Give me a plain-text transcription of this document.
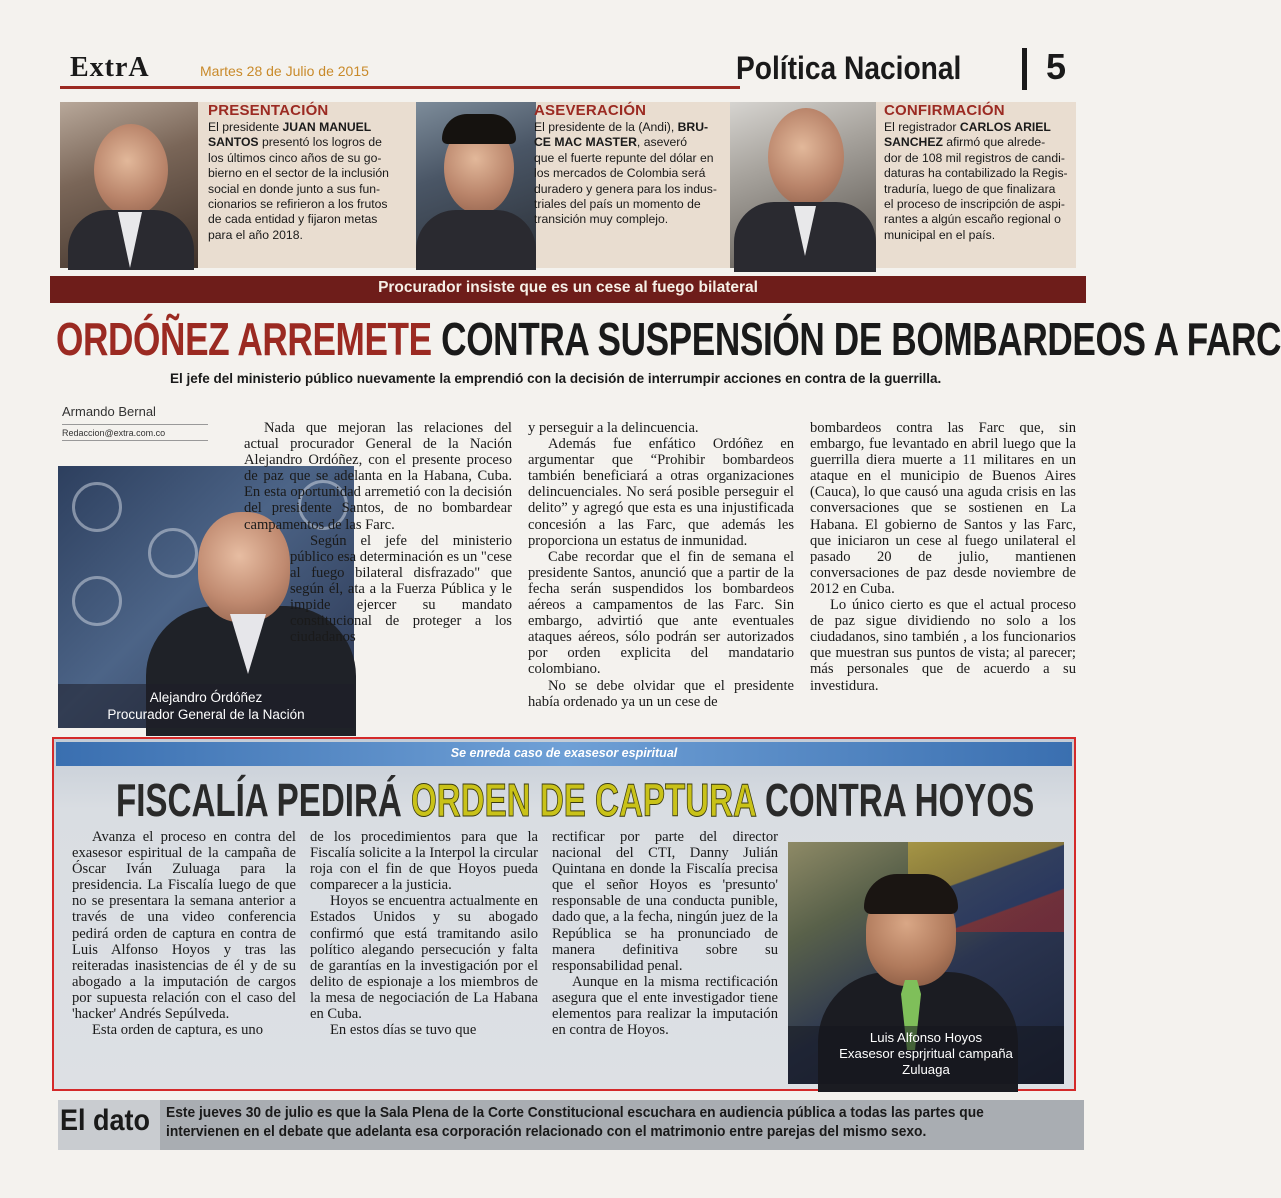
ExtrA	Martes 28 de Julio de 2015	Política Nacional 5
PRESENTACIÓN
El presidente JUAN MANUEL
SANTOS presentó los logros de
los últimos cinco años de su go-
bierno en el sector de la inclusión
social en donde junto a sus fun-
cionarios se refirieron a los frutos
de cada entidad y fijaron metas
para el año 2018.
ASEVERACIÓN
El presidente de la (Andi), BRU-
CE MAC MASTER, aseveró
que el fuerte repunte del dólar en
los mercados de Colombia será
duradero y genera para los indus-
triales del país un momento de
transición muy complejo.
CONFIRMACIÓN
El registrador CARLOS ARIEL
SANCHEZ afirmó que alrede-
dor de 108 mil registros de candi-
daturas ha contabilizado la Regis-
traduría, luego de que finalizara
el proceso de inscripción de aspi-
rantes a algún escaño regional o
municipal en el país.
Procurador insiste que es un cese al fuego bilateral
ORDÓÑEZ ARREMETE CONTRA SUSPENSIÓN DE BOMBARDEOS A FARC
El jefe del ministerio público nuevamente la emprendió con la decisión de interrumpir acciones en contra de la guerrilla.
Armando Bernal
Redaccion@extra.com.co
Alejandro Órdóñez
Procurador General de la Nación

Nada que mejoran las relaciones del actual procurador General de la Nación Alejandro Ordóñez, con el presente proceso de paz que se adelanta en la Habana, Cuba. En esta oportunidad arremetió con la decisión del presidente Santos, de no bombardear campamentos de las Farc.

Según el jefe del ministerio público esa determinación es un "cese al fuego bilateral disfrazado" que según él, ata a la Fuerza Pública y le impide ejercer su mandato constitucional de proteger a los ciudadanos

y perseguir a la delincuencia.

Además fue enfático Ordóñez en argumentar que “Prohibir bombardeos también beneficiará a otras organizaciones delincuenciales. No será posible perseguir el delito” y agregó que esta es una injustificada concesión a las Farc, que además les proporciona un estatus de inmunidad.

Cabe recordar que el fin de semana el presidente Santos, anunció que a partir de la fecha serán suspendidos los bombardeos aéreos a campamentos de las Farc. Sin embargo, advirtió que ante eventuales ataques aéreos, sólo podrán ser autorizados por orden explicita del mandatario colombiano.

No se debe olvidar que el presidente había ordenado ya un un cese de

bombardeos contra las Farc que, sin embargo, fue levantado en abril luego que la guerrilla diera muerte a 11 militares en un ataque en el municipio de Buenos Aires (Cauca), lo que causó una aguda crisis en las conversaciones que se sostienen en La Habana. El gobierno de Santos y las Farc, que iniciaron un cese al fuego unilateral el pasado 20 de julio, mantienen conversaciones de paz desde noviembre de 2012 en Cuba.

Lo único cierto es que el actual proceso de paz sigue dividiendo no solo a los ciudadanos, sino también , a los funcionarios que muestran sus puntos de vista; al parecer; más personales que de acuerdo a su investidura.

Se enreda caso de exasesor espiritual
FISCALÍA PEDIRÁ ORDEN DE CAPTURA CONTRA HOYOS

Avanza el proceso en contra del exasesor espiritual de la campaña de Óscar Iván Zuluaga para la presidencia. La Fiscalía luego de que no se presentara la semana anterior a través de una video conferencia pedirá orden de captura en contra de Luis Alfonso Hoyos y tras las reiteradas inasistencias de él y de su abogado a la imputación de cargos por supuesta relación con el caso del 'hacker' Andrés Sepúlveda.

Esta orden de captura, es uno

de los procedimientos para que la Fiscalía solicite a la Interpol la circular roja con el fin de que Hoyos pueda comparecer a la justicia.

Hoyos se encuentra actualmente en Estados Unidos y su abogado confirmó que está tramitando asilo político alegando persecución y falta de garantías en la investigación por el delito de espionaje a los miembros de la mesa de negociación de La Habana en Cuba.

En estos días se tuvo que

rectificar por parte del director nacional del CTI, Danny Julián Quintana en donde la Fiscalía precisa que el señor Hoyos es 'presunto' responsable de una conducta punible, dado que, a la fecha, ningún juez de la República se ha pronunciado de manera definitiva sobre su responsabilidad penal.

Aunque en la misma rectificación asegura que el ente investigador tiene elementos para realizar la imputación en contra de Hoyos.	Luis Alfonso Hoyos
Exasesor esprjritual campaña
Zuluaga
El dato Este jueves 30 de julio es que la Sala Plena de la Corte Constitucional escuchara en audiencia pública a todas las partes que intervienen en el debate que adelanta esa corporación relacionado con el matrimonio entre parejas del mismo sexo.
